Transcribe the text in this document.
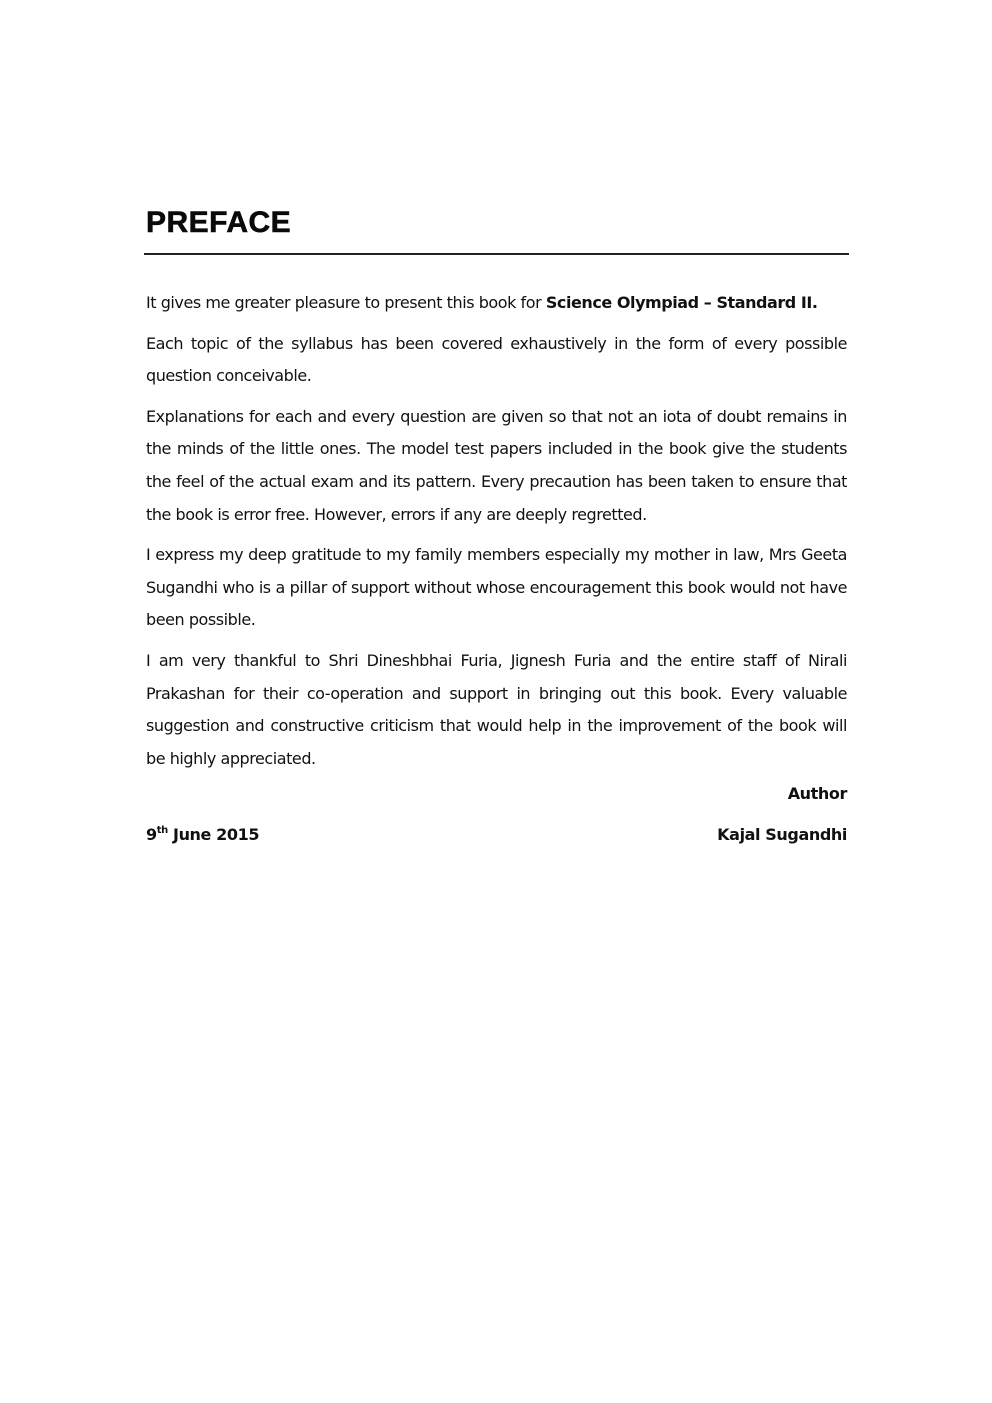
PREFACE

It gives me greater pleasure to present this book for Science Olympiad – Standard II.

Each topic of the syllabus has been covered exhaustively in the form of every possible question conceivable.

Explanations for each and every question are given so that not an iota of doubt remains in the minds of the little ones. The model test papers included in the book give the students the feel of the actual exam and its pattern. Every precaution has been taken to ensure that the book is error free. However, errors if any are deeply regretted.

I express my deep gratitude to my family members especially my mother in law, Mrs Geeta Sugandhi who is a pillar of support without whose encouragement this book would not have been possible.

I am very thankful to Shri Dineshbhai Furia, Jignesh Furia and the entire staff of Nirali Prakashan for their co-operation and support in bringing out this book. Every valuable suggestion and constructive criticism that would help in the improvement of the book will be highly appreciated.

Author
9th June 2015	Kajal Sugandhi
